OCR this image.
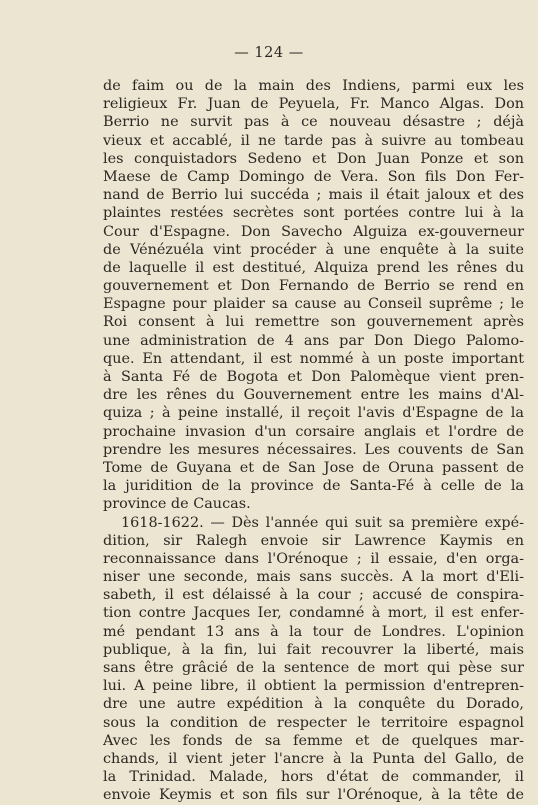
— 124 —
de faim ou de la main des Indiens, parmi eux les
religieux Fr. Juan de Peyuela, Fr. Manco Algas. Don
Berrio ne survit pas à ce nouveau désastre ; déjà
vieux et accablé, il ne tarde pas à suivre au tombeau
les conquistadors Sedeno et Don Juan Ponze et son
Maese de Camp Domingo de Vera. Son fils Don Fer-
nand de Berrio lui succéda ; mais il était jaloux et des
plaintes restées secrètes sont portées contre lui à la
Cour d'Espagne. Don Savecho Alguiza ex-gouverneur
de Vénézuéla vint procéder à une enquête à la suite
de laquelle il est destitué, Alquiza prend les rênes du
gouvernement et Don Fernando de Berrio se rend en
Espagne pour plaider sa cause au Conseil suprême ; le
Roi consent à lui remettre son gouvernement après
une administration de 4 ans par Don Diego Palomo-
que. En attendant, il est nommé à un poste important
à Santa Fé de Bogota et Don Palomèque vient pren-
dre les rênes du Gouvernement entre les mains d'Al-
quiza ; à peine installé, il reçoit l'avis d'Espagne de la
prochaine invasion d'un corsaire anglais et l'ordre de
prendre les mesures nécessaires. Les couvents de San
Tome de Guyana et de San Jose de Oruna passent de
la juridition de la province de Santa-Fé à celle de la
province de Caucas.
1618-1622. — Dès l'année qui suit sa première expé-
dition, sir Ralegh envoie sir Lawrence Kaymis en
reconnaissance dans l'Orénoque ; il essaie, d'en orga-
niser une seconde, mais sans succès. A la mort d'Eli-
sabeth, il est délaissé à la cour ; accusé de conspira-
tion contre Jacques Ier, condamné à mort, il est enfer-
mé pendant 13 ans à la tour de Londres. L'opinion
publique, à la fin, lui fait recouvrer la liberté, mais
sans être grâcié de la sentence de mort qui pèse sur
lui. A peine libre, il obtient la permission d'entrepren-
dre une autre expédition à la conquête du Dorado,
sous la condition de respecter le territoire espagnol
Avec les fonds de sa femme et de quelques mar-
chands, il vient jeter l'ancre à la Punta del Gallo, de
la Trinidad. Malade, hors d'état de commander, il
envoie Keymis et son fils sur l'Orénoque, à la tête de
